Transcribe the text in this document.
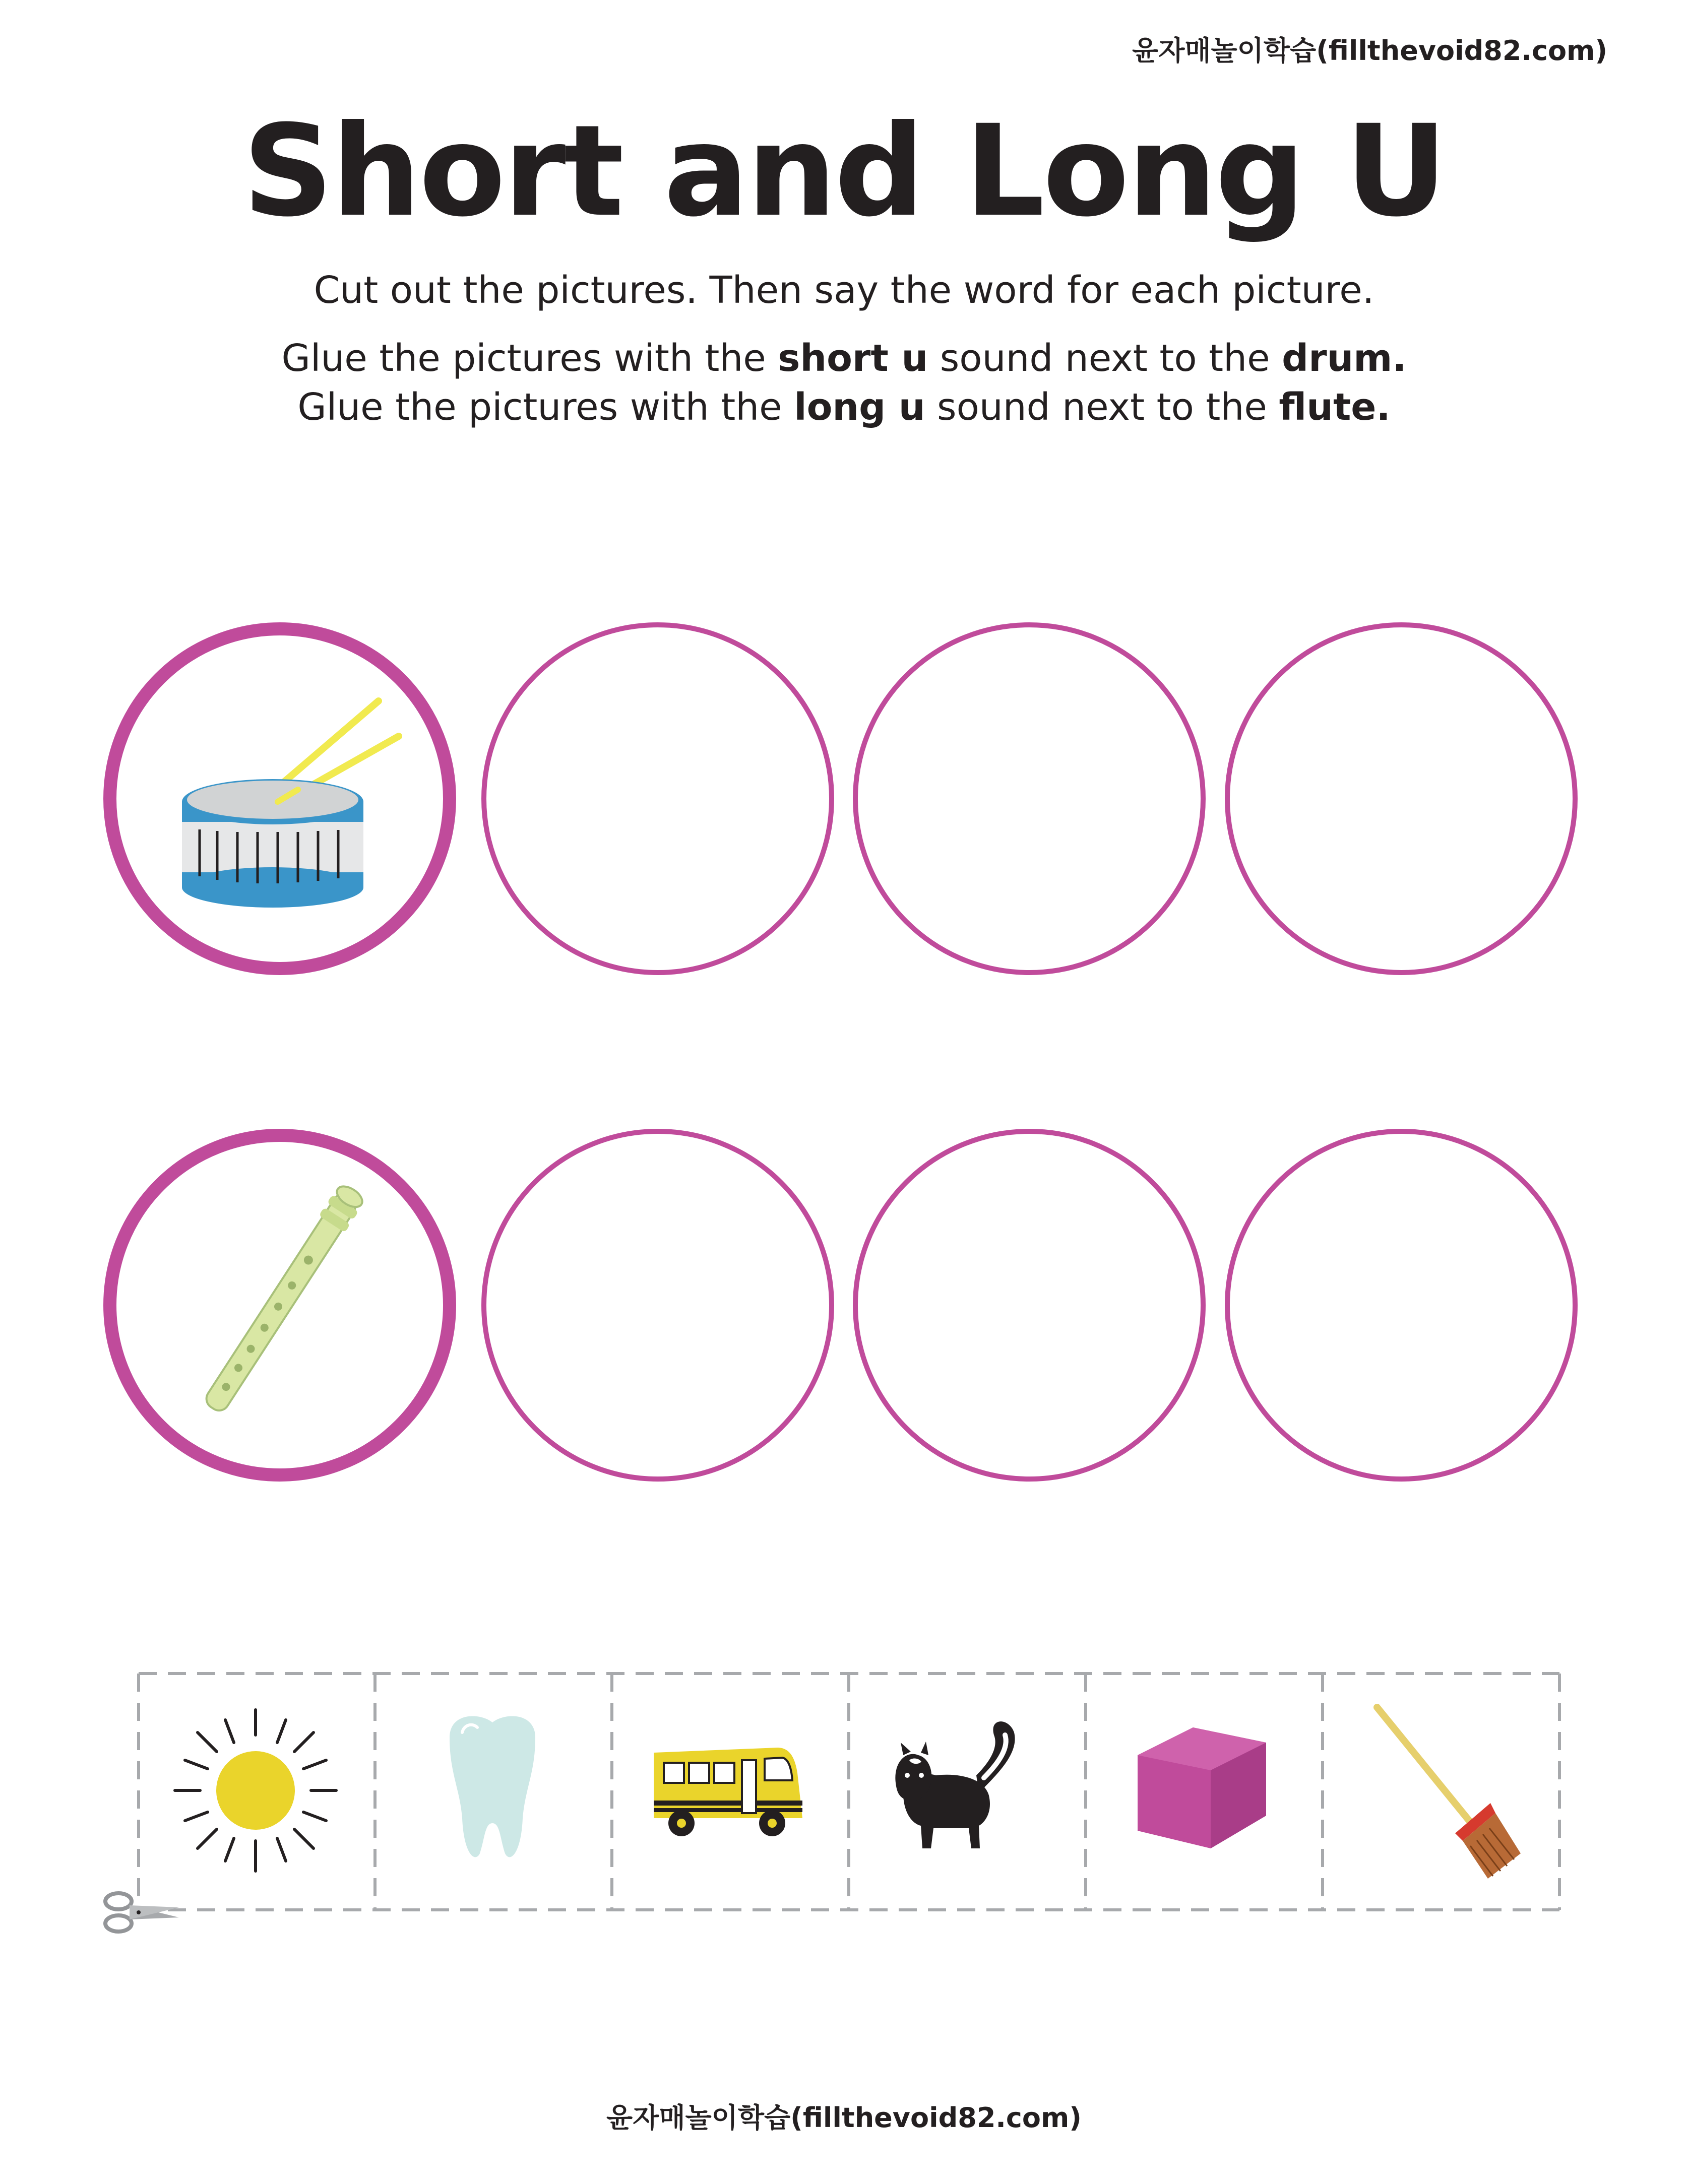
윤자매놀이학습(fillthevoid82.com)
Short and Long U
Cut out the pictures. Then say the word for each picture.
Glue the pictures with the short u sound next to the drum.
Glue the pictures with the long u sound next to the flute.
윤자매놀이학습(fillthevoid82.com)
